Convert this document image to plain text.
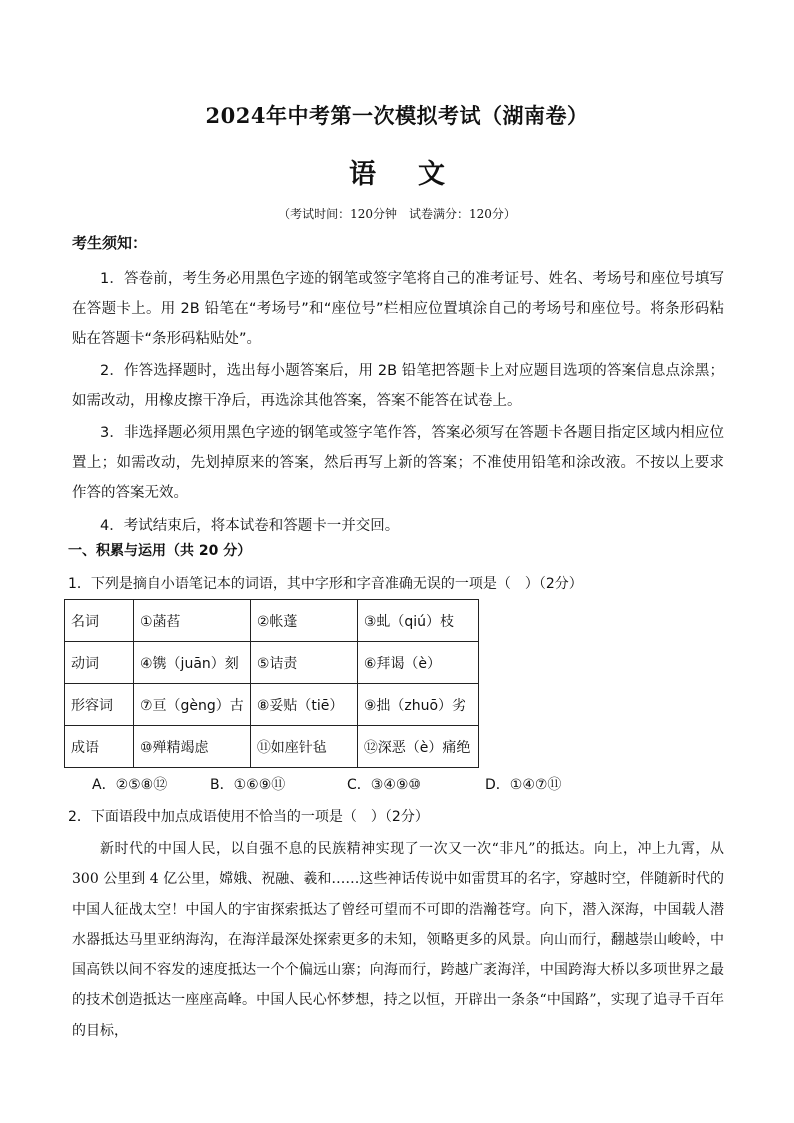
2024年中考第一次模拟考试（湖南卷）
语 文
（考试时间：120分钟　试卷满分：120分）
考生须知：

1．答卷前，考生务必用黑色字迹的钢笔或签字笔将自己的准考证号、姓名、考场号和座位号填写在答题卡上。用 2B 铅笔在“考场号”和“座位号”栏相应位置填涂自己的考场号和座位号。将条形码粘贴在答题卡“条形码粘贴处”。

2．作答选择题时，选出每小题答案后，用 2B 铅笔把答题卡上对应题目选项的答案信息点涂黑；如需改动，用橡皮擦干净后，再选涂其他答案，答案不能答在试卷上。

3．非选择题必须用黑色字迹的钢笔或签字笔作答，答案必须写在答题卡各题目指定区域内相应位置上；如需改动，先划掉原来的答案，然后再写上新的答案；不准使用铅笔和涂改液。不按以上要求作答的答案无效。

4．考试结束后，将本试卷和答题卡一并交回。

一、积累与运用（共 20 分）
1．下列是摘自小语笔记本的词语，其中字形和字音准确无误的一项是（　）（2分）
名词	①菡萏	②帐蓬	③虬（qiú）枝
动词	④镌（juān）刻	⑤诘责	⑥拜谒（è）
形容词	⑦亘（gèng）古	⑧妥贴（tiē）	⑨拙（zhuō）劣
成语	⑩殚精竭虑	⑪如座针毡	⑫深恶（è）痛绝
A．②⑤⑧⑫	B．①⑥⑨⑪	C．③④⑨⑩	D．①④⑦⑪
2．下面语段中加点成语使用不恰当的一项是（　）（2分）

新时代的中国人民，以自强不息的民族精神实现了一次又一次“非凡”的抵达。向上，冲上九霄，从 300 公里到 4 亿公里，嫦娥、祝融、羲和……这些神话传说中如雷贯耳的名字，穿越时空，伴随新时代的中国人征战太空！中国人的宇宙探索抵达了曾经可望而不可即的浩瀚苍穹。向下，潜入深海，中国载人潜水器抵达马里亚纳海沟，在海洋最深处探索更多的未知，领略更多的风景。向山而行，翻越崇山峻岭，中国高铁以间不容发的速度抵达一个个偏远山寨；向海而行，跨越广袤海洋，中国跨海大桥以多项世界之最的技术创造抵达一座座高峰。中国人民心怀梦想，持之以恒，开辟出一条条“中国路”，实现了追寻千百年的目标，
